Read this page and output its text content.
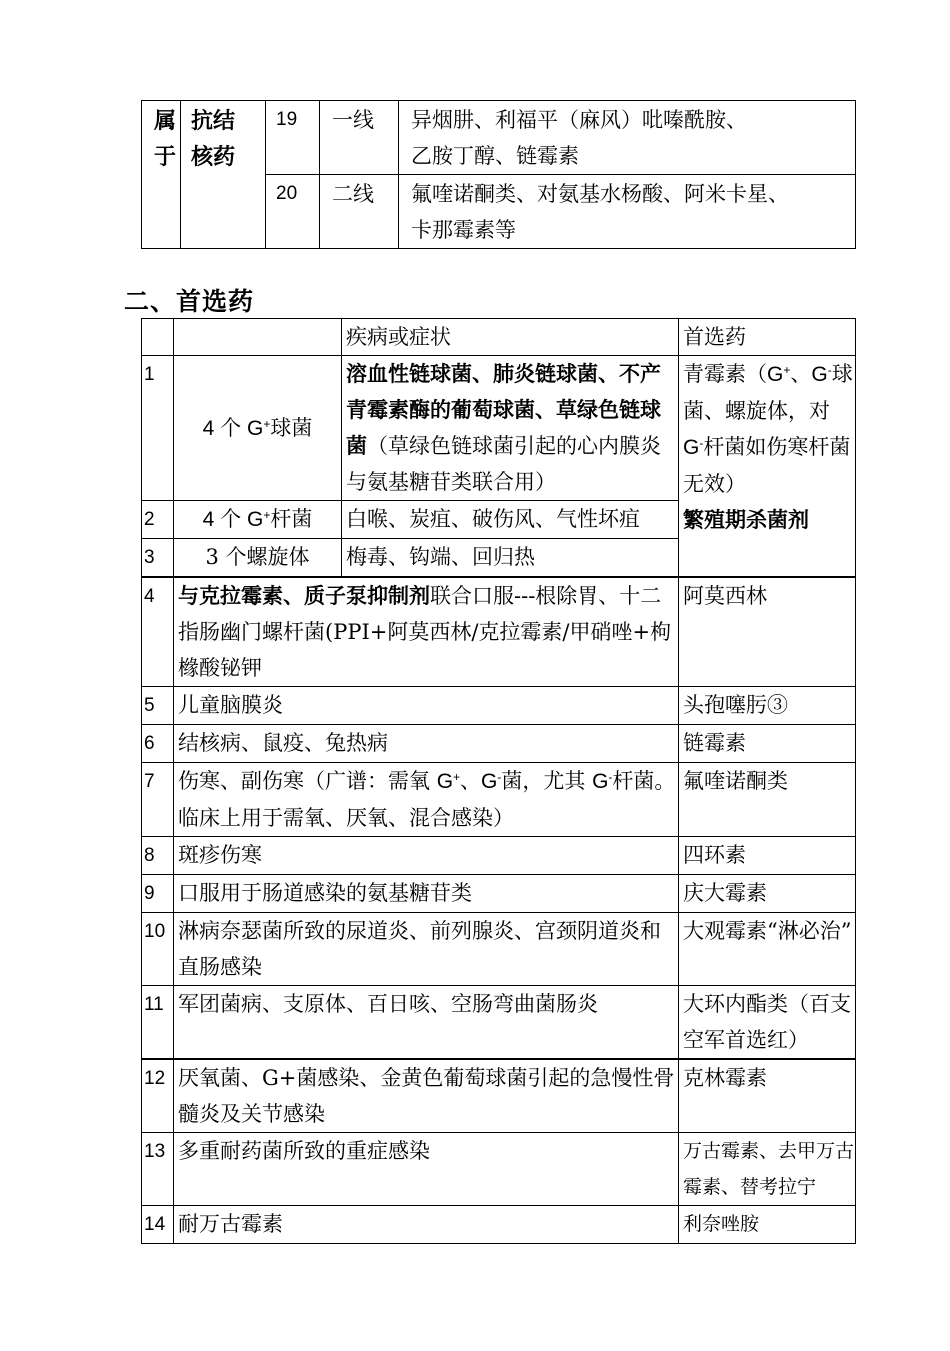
属于	抗结核药	19	一线	异烟肼、利福平（麻风）吡嗪酰胺、
乙胺丁醇、链霉素

		20	二线	氟喹诺酮类、对氨基水杨酸、阿米卡星、
卡那霉素等
二、首选药
		疾病或症状	首选药
1	4 个 G+球菌	溶血性链球菌、肺炎链球菌、不产青霉素酶的葡萄球菌、草绿色链球菌（草绿色链球菌引起的心内膜炎与氨基糖苷类联合用）	青霉素（G+、G-球菌、螺旋体，对 G-杆菌如伤寒杆菌无效）
繁殖期杀菌剂

2	4 个 G+杆菌	白喉、炭疽、破伤风、气性坏疽	
3	3 个螺旋体	梅毒、钩端、回归热	
4	与克拉霉素、质子泵抑制剂联合口服---根除胃、十二指肠幽门螺杆菌(PPI+阿莫西林/克拉霉素/甲硝唑+枸橼酸铋钾		阿莫西林
5	儿童脑膜炎		头孢噻肟③
6	结核病、鼠疫、兔热病		链霉素
7	伤寒、副伤寒（广谱：需氧 G+、G-菌，尤其 G-杆菌。临床上用于需氧、厌氧、混合感染）		氟喹诺酮类
8	斑疹伤寒		四环素
9	口服用于肠道感染的氨基糖苷类		庆大霉素
10	淋病奈瑟菌所致的尿道炎、前列腺炎、宫颈阴道炎和直肠感染		大观霉素“淋必治”
11	军团菌病、支原体、百日咳、空肠弯曲菌肠炎		大环内酯类（百支空军首选红）
12	厌氧菌、G+菌感染、金黄色葡萄球菌引起的急慢性骨髓炎及关节感染		克林霉素
13	多重耐药菌所致的重症感染		万古霉素、去甲万古霉素、替考拉宁
14	耐万古霉素		利奈唑胺
